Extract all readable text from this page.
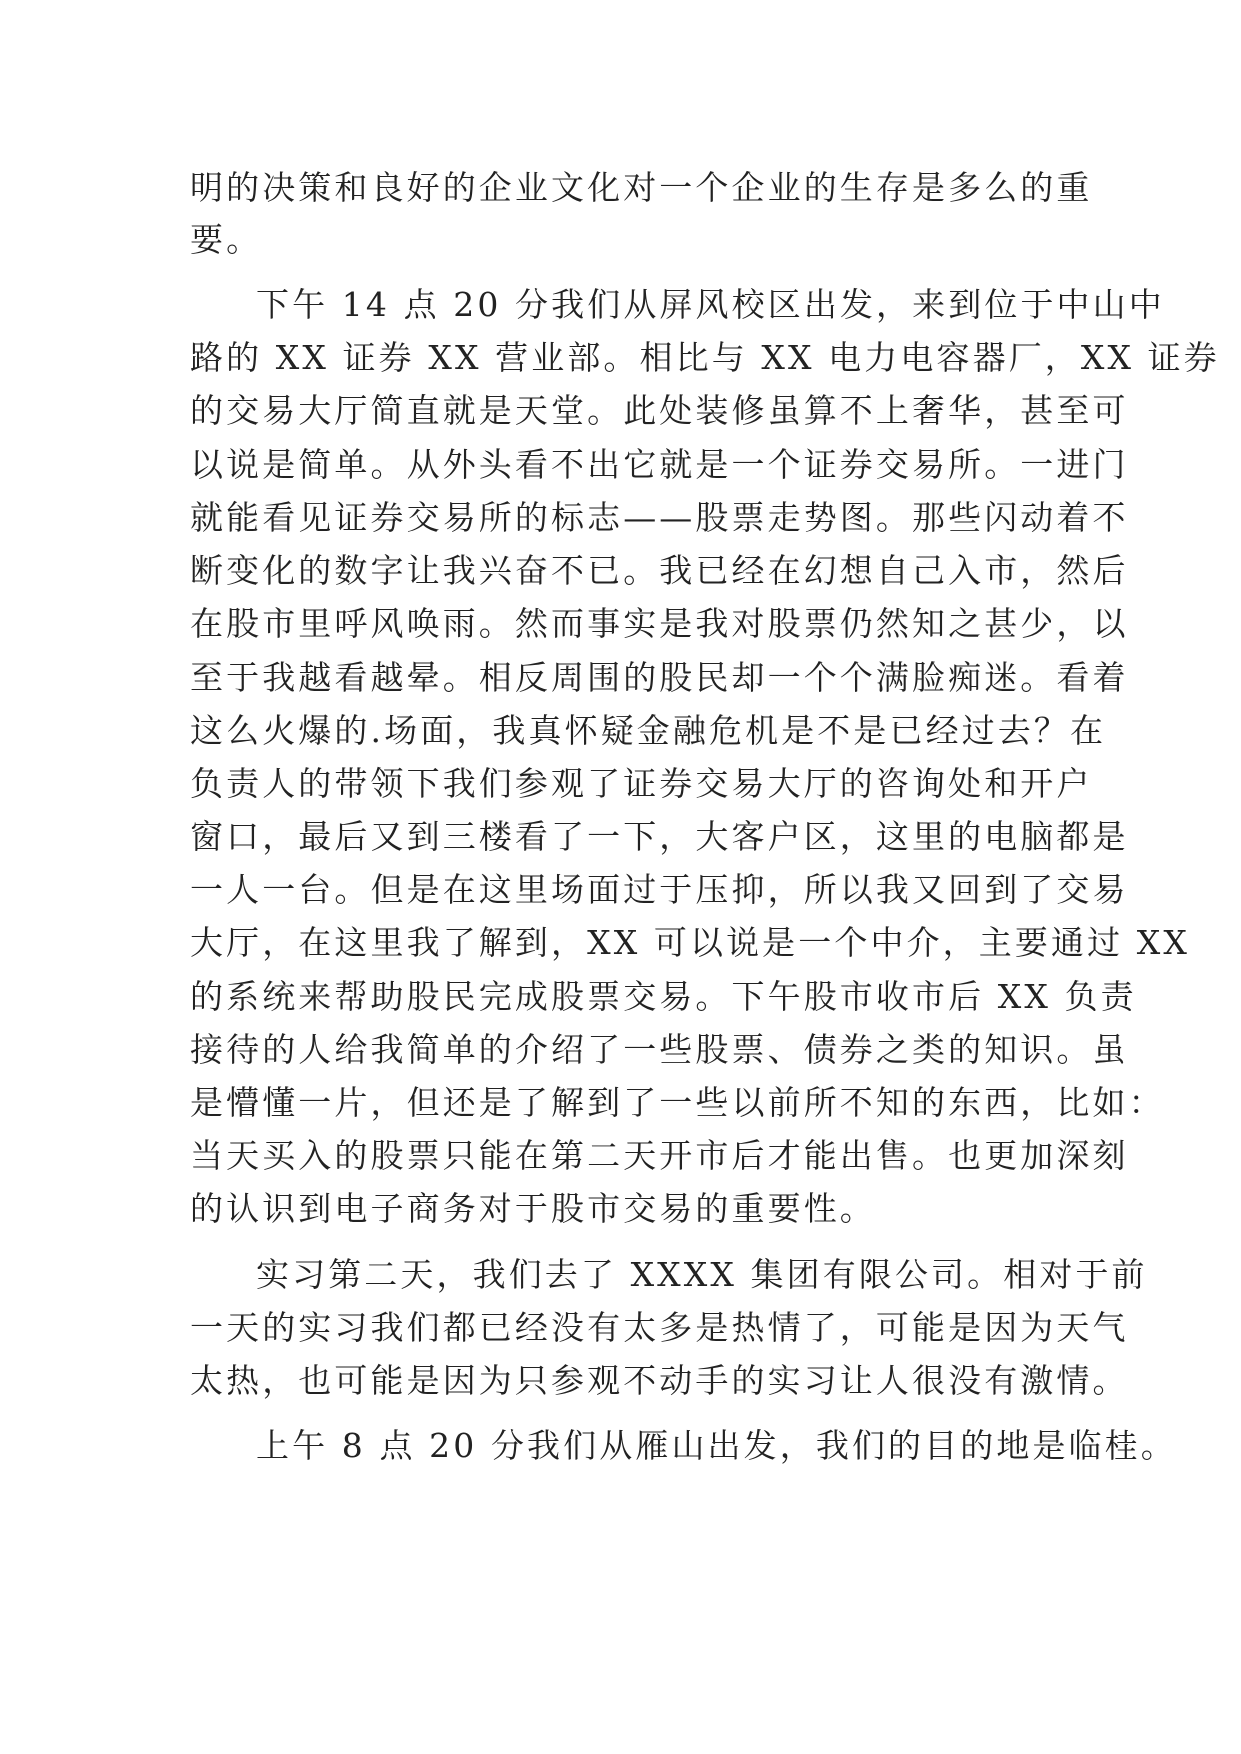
明的决策和良好的企业文化对一个企业的生存是多么的重
要。
下午 14 点 20 分我们从屏风校区出发，来到位于中山中
路的 XX 证券 XX 营业部。相比与 XX 电力电容器厂，XX 证券
的交易大厅简直就是天堂。此处装修虽算不上奢华，甚至可
以说是简单。从外头看不出它就是一个证券交易所。一进门
就能看见证券交易所的标志——股票走势图。那些闪动着不
断变化的数字让我兴奋不已。我已经在幻想自己入市，然后
在股市里呼风唤雨。然而事实是我对股票仍然知之甚少，以
至于我越看越晕。相反周围的股民却一个个满脸痴迷。看着
这么火爆的.场面，我真怀疑金融危机是不是已经过去？在
负责人的带领下我们参观了证券交易大厅的咨询处和开户
窗口，最后又到三楼看了一下，大客户区，这里的电脑都是
一人一台。但是在这里场面过于压抑，所以我又回到了交易
大厅，在这里我了解到，XX 可以说是一个中介，主要通过 XX
的系统来帮助股民完成股票交易。下午股市收市后 XX 负责
接待的人给我简单的介绍了一些股票、债券之类的知识。虽
是懵懂一片，但还是了解到了一些以前所不知的东西，比如：
当天买入的股票只能在第二天开市后才能出售。也更加深刻
的认识到电子商务对于股市交易的重要性。
实习第二天，我们去了 XXXX 集团有限公司。相对于前
一天的实习我们都已经没有太多是热情了，可能是因为天气
太热，也可能是因为只参观不动手的实习让人很没有激情。
上午 8 点 20 分我们从雁山出发，我们的目的地是临桂。
